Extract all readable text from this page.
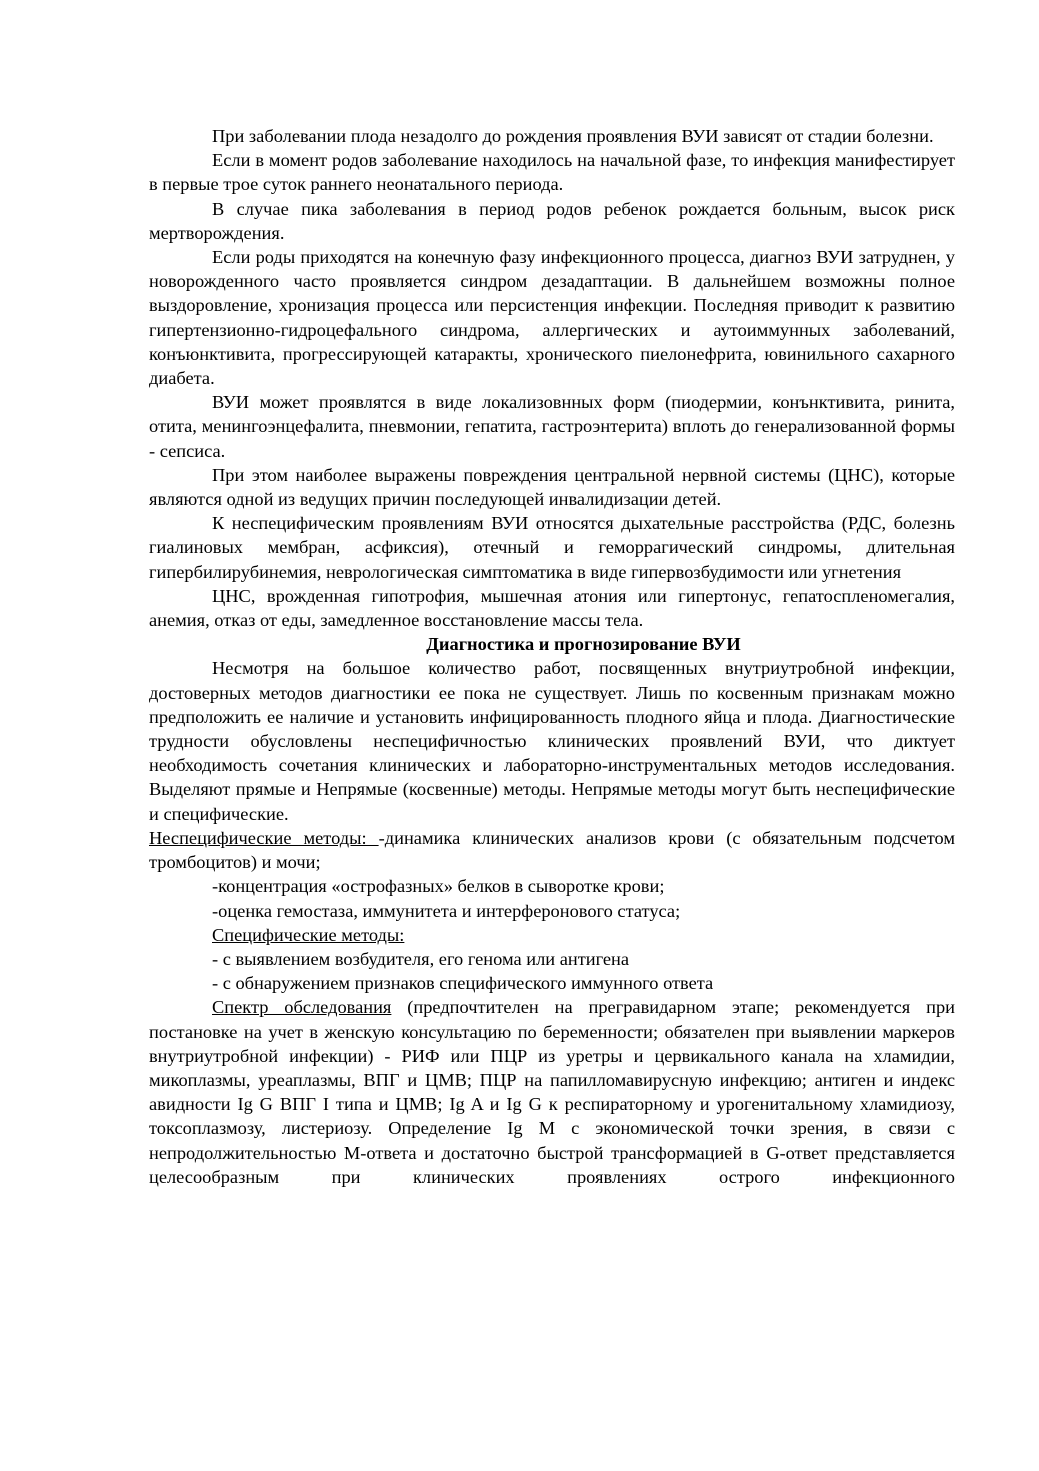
При заболевании плода незадолго до рождения проявления ВУИ зависят от стадии болезни.

Если в момент родов заболевание находилось на начальной фазе, то инфекция манифестирует в первые трое суток раннего неонатального периода.

В случае пика заболевания в период родов ребенок рождается больным, высок риск мертворождения.

Если роды приходятся на конечную фазу инфекционного процесса, диагноз ВУИ затруднен, у новорожденного часто проявляется синдром дезадаптации. В дальнейшем возможны полное выздоровление, хронизация процесса или персистенция инфекции. Последняя приводит к развитию гипертензионно-гидроцефального синдрома, аллергических и аутоиммунных заболеваний, конъюнктивита, прогрессирующей катаракты, хронического пиелонефрита, ювинильного сахарного диабета.

ВУИ может проявлятся в виде локализовнных форм (пиодермии, конънктивита, ринита, отита, менингоэнцефалита, пневмонии, гепатита, гастроэнтерита) вплоть до генерализованной формы - сепсиса.

При этом наиболее выражены повреждения центральной нервной системы (ЦНС), которые являются одной из ведущих причин последующей инвалидизации детей.

К неспецифическим проявлениям ВУИ относятся дыхательные расстройства (РДС, болезнь гиалиновых мембран, асфиксия), отечный и геморрагический синдромы, длительная гипербилирубинемия, неврологическая симптоматика в виде гипервозбудимости или угнетения

ЦНС, врожденная гипотрофия, мышечная атония или гипертонус, гепатоспленомегалия, анемия, отказ от еды, замедленное восстановление массы тела.

Диагностика и прогнозирование ВУИ

Несмотря на большое количество работ, посвященных внутриутробной инфекции, достоверных методов диагностики ее пока не существует. Лишь по косвенным признакам можно предположить ее наличие и установить инфицированность плодного яйца и плода. Диагностические трудности обусловлены неспецифичностью клинических проявлений ВУИ, что диктует необходимость сочетания клинических и лабораторно-инструментальных методов исследования. Выделяют прямые и Непрямые (косвенные) методы. Непрямые методы могут быть неспецифические и специфические.

Неспецифические методы: -динамика клинических анализов крови (с обязательным подсчетом тромбоцитов) и мочи;

-концентрация «острофазных» белков в сыворотке крови;

-оценка гемостаза, иммунитета и интерферонового статуса;

Специфические методы:

- с выявлением возбудителя, его генома или антигена

- с обнаружением признаков специфического иммунного ответа

Спектр обследования (предпочтителен на прегравидарном этапе; рекомендуется при постановке на учет в женскую консультацию по беременности; обязателен при выявлении маркеров внутриутробной инфекции) - РИФ или ПЦР из уретры и цервикального канала на хламидии, микоплазмы, уреаплазмы, ВПГ и ЦМВ; ПЦР на папилломавирусную инфекцию; антиген и индекс авидности Ig G ВПГ I типа и ЦМВ; Ig A и Ig G к респираторному и урогенитальному хламидиозу, токсоплазмозу, листериозу. Определение Ig M с экономической точки зрения, в связи с непродолжительностью М-ответа и достаточно быстрой трансформацией в G-ответ представляется целесообразным при клинических проявлениях острого инфекционного
